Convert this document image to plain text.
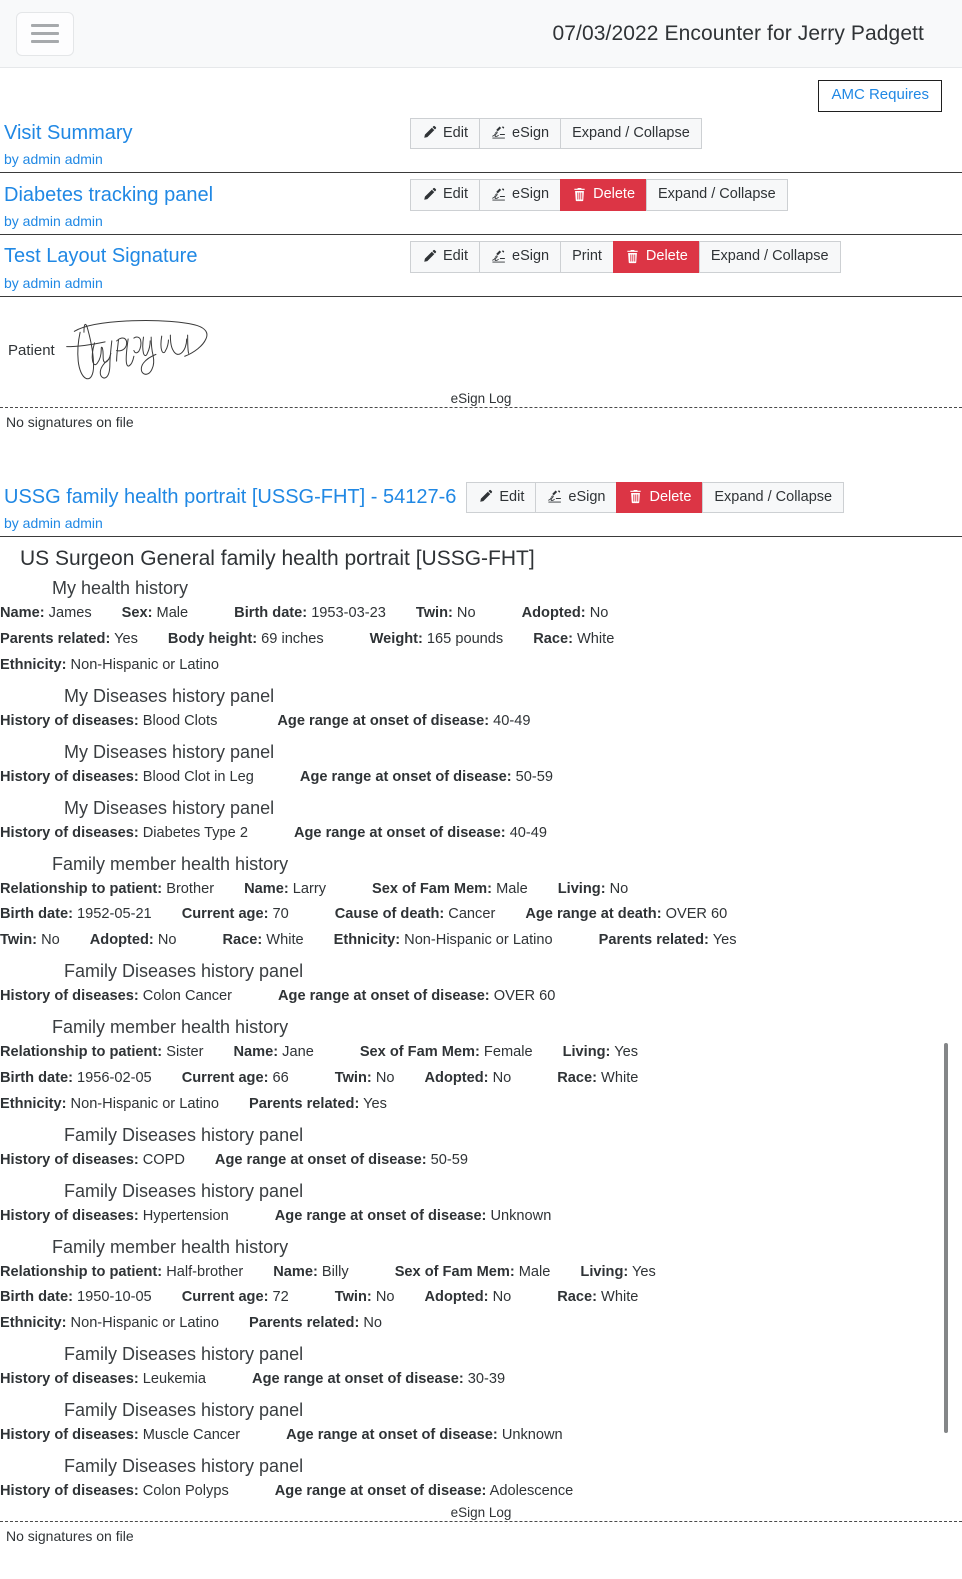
07/03/2022 Encounter for Jerry Padgett
AMC Requires
Visit Summary	Edit	eSign	Expand / Collapse
by admin admin
Diabetes tracking panel	Edit	eSign	Delete	Expand / Collapse
by admin admin
Test Layout Signature	Edit	eSign	Print	Delete	Expand / Collapse
by admin admin
Patient
eSign Log
No signatures on file
USSG family health portrait [USSG-FHT] - 54127-6	Edit	eSign	Delete	Expand / Collapse
by admin admin
US Surgeon General family health portrait [USSG-FHT]
My health history
Name: James Sex: Male	Birth date: 1953-03-23 Twin: No	Adopted: No
Parents related: Yes Body height: 69 inches	Weight: 165 pounds Race: White
Ethnicity: Non-Hispanic or Latino
My Diseases history panel
History of diseases: Blood Clots	Age range at onset of disease: 40-49
My Diseases history panel
History of diseases: Blood Clot in Leg	Age range at onset of disease: 50-59
My Diseases history panel
History of diseases: Diabetes Type 2	Age range at onset of disease: 40-49
Family member health history
Relationship to patient: Brother Name: Larry	Sex of Fam Mem: Male Living: No
Birth date: 1952-05-21 Current age: 70	Cause of death: Cancer Age range at death: OVER 60
Twin: No Adopted: No	Race: White Ethnicity: Non-Hispanic or Latino	Parents related: Yes
Family Diseases history panel
History of diseases: Colon Cancer	Age range at onset of disease: OVER 60
Family member health history
Relationship to patient: Sister Name: Jane	Sex of Fam Mem: Female Living: Yes
Birth date: 1956-02-05 Current age: 66	Twin: No Adopted: No	Race: White
Ethnicity: Non-Hispanic or Latino Parents related: Yes
Family Diseases history panel
History of diseases: COPD Age range at onset of disease: 50-59
Family Diseases history panel
History of diseases: Hypertension	Age range at onset of disease: Unknown
Family member health history
Relationship to patient: Half-brother Name: Billy	Sex of Fam Mem: Male Living: Yes
Birth date: 1950-10-05 Current age: 72	Twin: No Adopted: No	Race: White
Ethnicity: Non-Hispanic or Latino Parents related: No
Family Diseases history panel
History of diseases: Leukemia	Age range at onset of disease: 30-39
Family Diseases history panel
History of diseases: Muscle Cancer	Age range at onset of disease: Unknown
Family Diseases history panel
History of diseases: Colon Polyps	Age range at onset of disease: Adolescence
eSign Log
No signatures on file
